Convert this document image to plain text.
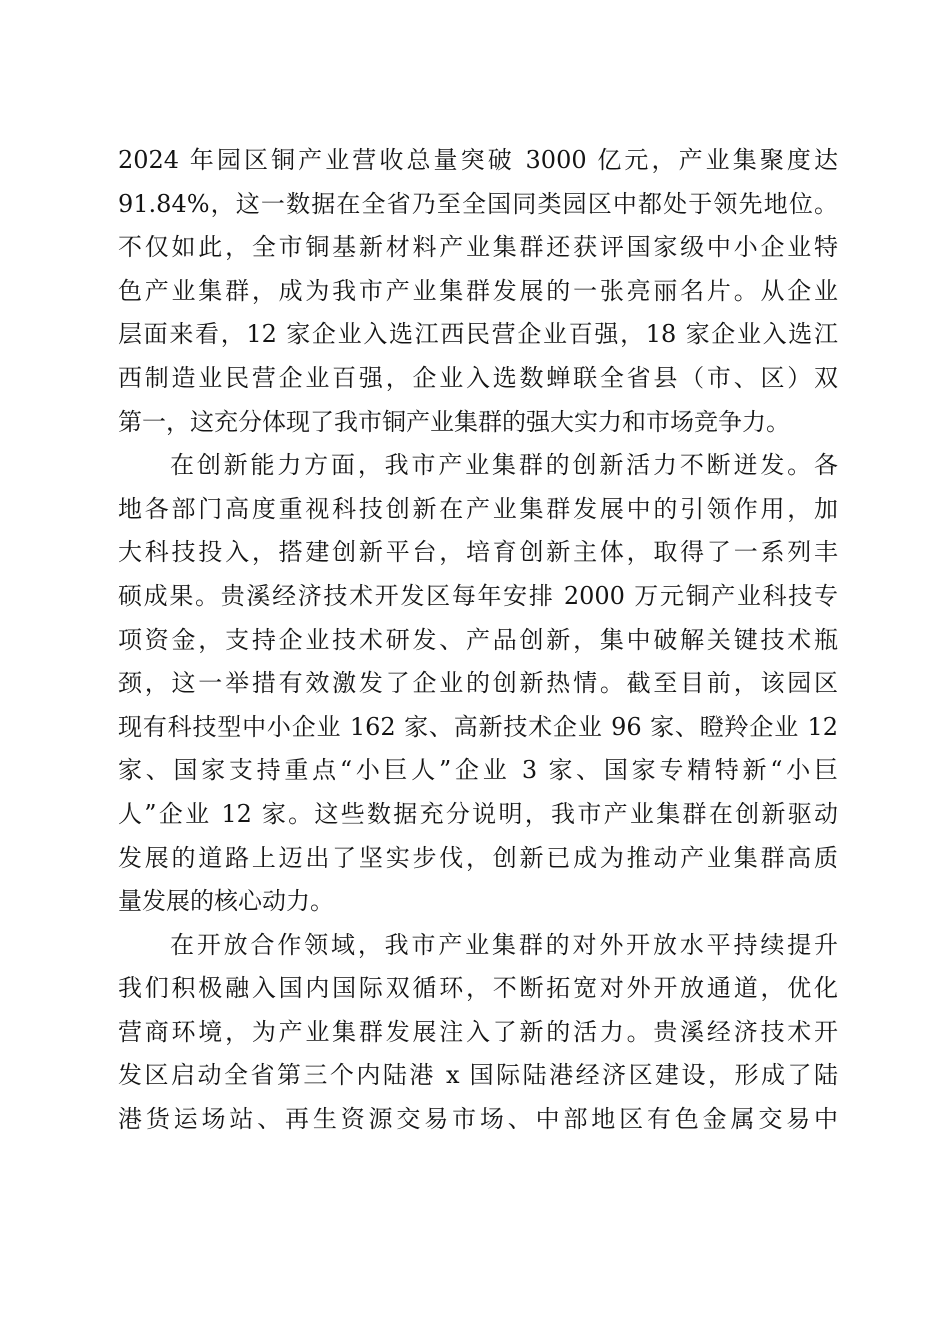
2024 年园区铜产业营收总量突破 3000 亿元，产业集聚度达
91.84%，这一数据在全省乃至全国同类园区中都处于领先地位。
不仅如此，全市铜基新材料产业集群还获评国家级中小企业特
色产业集群，成为我市产业集群发展的一张亮丽名片。从企业
层面来看，12 家企业入选江西民营企业百强，18 家企业入选江
西制造业民营企业百强，企业入选数蝉联全省县（市、区）双
第一，这充分体现了我市铜产业集群的强大实力和市场竞争力。
在创新能力方面，我市产业集群的创新活力不断迸发。各
地各部门高度重视科技创新在产业集群发展中的引领作用，加
大科技投入，搭建创新平台，培育创新主体，取得了一系列丰
硕成果。贵溪经济技术开发区每年安排 2000 万元铜产业科技专
项资金，支持企业技术研发、产品创新，集中破解关键技术瓶
颈，这一举措有效激发了企业的创新热情。截至目前，该园区
现有科技型中小企业 162 家、高新技术企业 96 家、瞪羚企业 12
家、国家支持重点“小巨人”企业 3 家、国家专精特新“小巨
人”企业 12 家。这些数据充分说明，我市产业集群在创新驱动
发展的道路上迈出了坚实步伐，创新已成为推动产业集群高质
量发展的核心动力。
在开放合作领域，我市产业集群的对外开放水平持续提升
我们积极融入国内国际双循环，不断拓宽对外开放通道，优化
营商环境，为产业集群发展注入了新的活力。贵溪经济技术开
发区启动全省第三个内陆港 x 国际陆港经济区建设，形成了陆
港货运场站、再生资源交易市场、中部地区有色金属交易中
